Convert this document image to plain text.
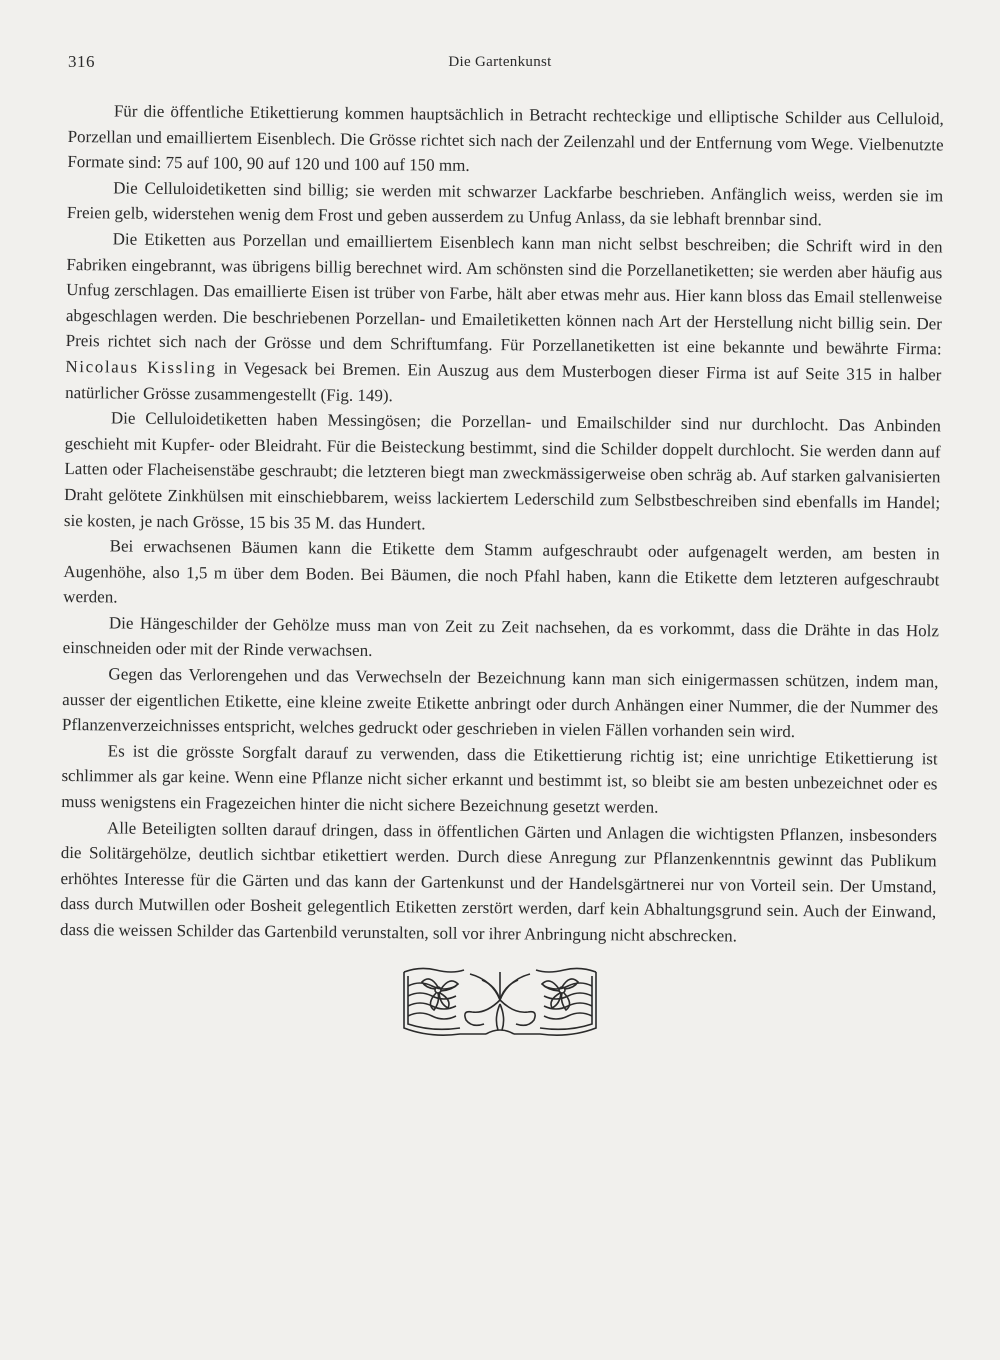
316	Die Gartenkunst

Für die öffentliche Etikettierung kommen hauptsächlich in Betracht rechteckige und elliptische Schilder aus Celluloid, Porzellan und emailliertem Eisenblech. Die Grösse richtet sich nach der Zeilenzahl und der Entfernung vom Wege. Vielbenutzte Formate sind: 75 auf 100, 90 auf 120 und 100 auf 150 mm.

Die Celluloidetiketten sind billig; sie werden mit schwarzer Lackfarbe beschrieben. Anfänglich weiss, werden sie im Freien gelb, widerstehen wenig dem Frost und geben ausserdem zu Unfug Anlass, da sie lebhaft brennbar sind.

Die Etiketten aus Porzellan und emailliertem Eisenblech kann man nicht selbst beschreiben; die Schrift wird in den Fabriken eingebrannt, was übrigens billig berechnet wird. Am schönsten sind die Porzellanetiketten; sie werden aber häufig aus Unfug zerschlagen. Das emaillierte Eisen ist trüber von Farbe, hält aber etwas mehr aus. Hier kann bloss das Email stellenweise abgeschlagen werden. Die beschriebenen Porzellan- und Emailetiketten können nach Art der Herstellung nicht billig sein. Der Preis richtet sich nach der Grösse und dem Schriftumfang. Für Porzellanetiketten ist eine bekannte und bewährte Firma: Nicolaus Kissling in Vegesack bei Bremen. Ein Auszug aus dem Musterbogen dieser Firma ist auf Seite 315 in halber natürlicher Grösse zusammengestellt (Fig. 149).

Die Celluloidetiketten haben Messingösen; die Porzellan- und Emailschilder sind nur durchlocht. Das Anbinden geschieht mit Kupfer- oder Bleidraht. Für die Beisteckung bestimmt, sind die Schilder doppelt durchlocht. Sie werden dann auf Latten oder Flacheisenstäbe geschraubt; die letzteren biegt man zweckmässigerweise oben schräg ab. Auf starken galvanisierten Draht gelötete Zinkhülsen mit einschiebbarem, weiss lackiertem Lederschild zum Selbstbeschreiben sind ebenfalls im Handel; sie kosten, je nach Grösse, 15 bis 35 M. das Hundert.

Bei erwachsenen Bäumen kann die Etikette dem Stamm aufgeschraubt oder aufgenagelt werden, am besten in Augenhöhe, also 1,5 m über dem Boden. Bei Bäumen, die noch Pfahl haben, kann die Etikette dem letzteren aufgeschraubt werden.

Die Hängeschilder der Gehölze muss man von Zeit zu Zeit nachsehen, da es vorkommt, dass die Drähte in das Holz einschneiden oder mit der Rinde verwachsen.

Gegen das Verlorengehen und das Verwechseln der Bezeichnung kann man sich einigermassen schützen, indem man, ausser der eigentlichen Etikette, eine kleine zweite Etikette anbringt oder durch Anhängen einer Nummer, die der Nummer des Pflanzenverzeichnisses entspricht, welches gedruckt oder geschrieben in vielen Fällen vorhanden sein wird.

Es ist die grösste Sorgfalt darauf zu verwenden, dass die Etikettierung richtig ist; eine unrichtige Etikettierung ist schlimmer als gar keine. Wenn eine Pflanze nicht sicher erkannt und bestimmt ist, so bleibt sie am besten unbezeichnet oder es muss wenigstens ein Fragezeichen hinter die nicht sichere Bezeichnung gesetzt werden.

Alle Beteiligten sollten darauf dringen, dass in öffentlichen Gärten und Anlagen die wichtigsten Pflanzen, insbesonders die Solitärgehölze, deutlich sichtbar etikettiert werden. Durch diese Anregung zur Pflanzenkenntnis gewinnt das Publikum erhöhtes Interesse für die Gärten und das kann der Gartenkunst und der Handelsgärtnerei nur von Vorteil sein. Der Umstand, dass durch Mutwillen oder Bosheit gelegentlich Etiketten zerstört werden, darf kein Abhaltungsgrund sein. Auch der Einwand, dass die weissen Schilder das Gartenbild verunstalten, soll vor ihrer Anbringung nicht abschrecken.
